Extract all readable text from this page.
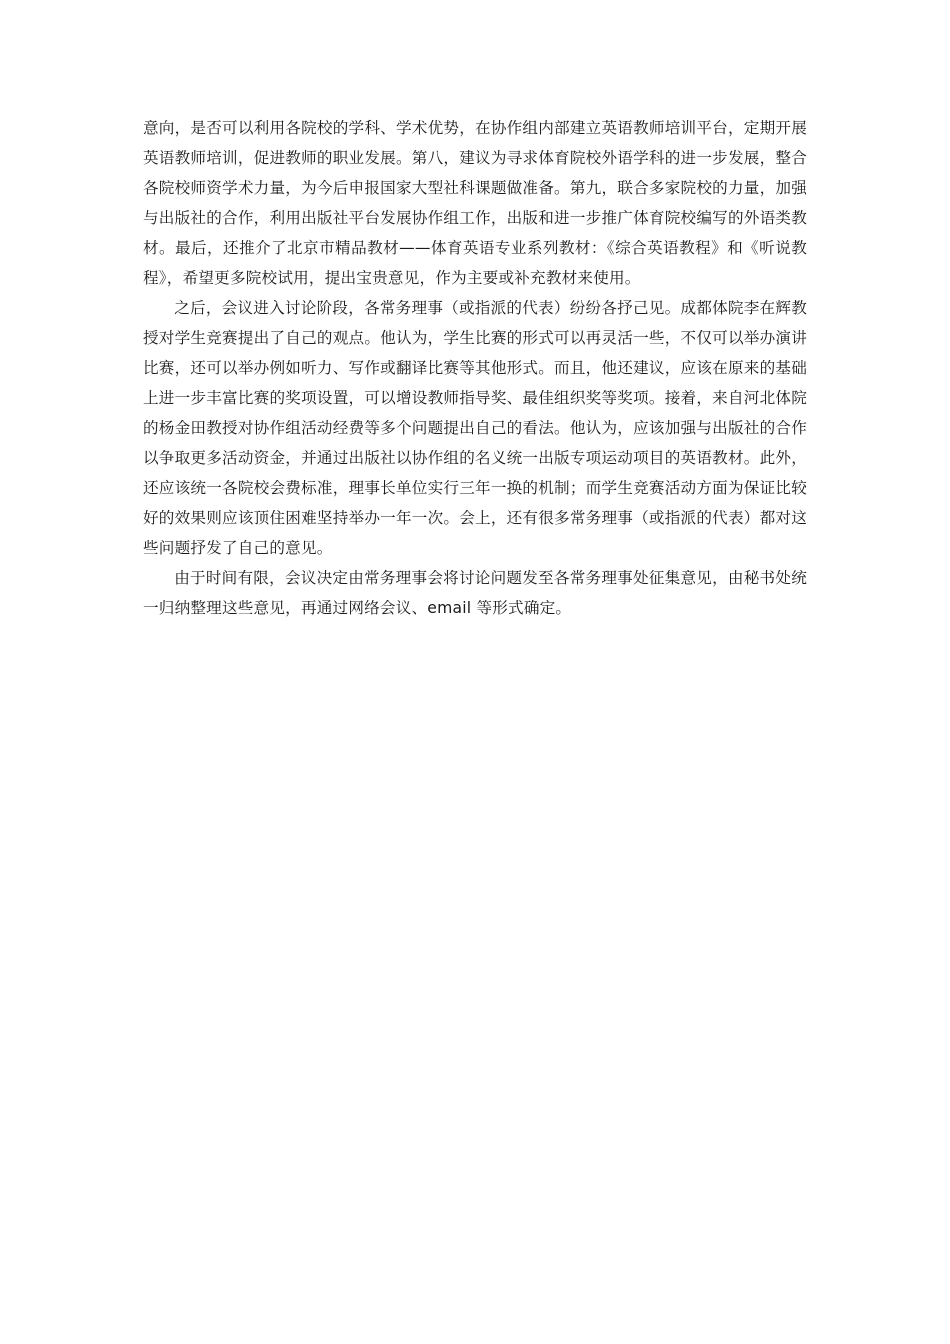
意向，是否可以利用各院校的学科、学术优势，在协作组内部建立英语教师培训平台，定期开展英语教师培训，促进教师的职业发展。第八，建议为寻求体育院校外语学科的进一步发展，整合各院校师资学术力量，为今后申报国家大型社科课题做准备。第九，联合多家院校的力量，加强与出版社的合作，利用出版社平台发展协作组工作，出版和进一步推广体育院校编写的外语类教材。最后，还推介了北京市精品教材——体育英语专业系列教材：《综合英语教程》和《听说教程》，希望更多院校试用，提出宝贵意见，作为主要或补充教材来使用。

之后，会议进入讨论阶段，各常务理事（或指派的代表）纷纷各抒己见。成都体院李在辉教授对学生竞赛提出了自己的观点。他认为，学生比赛的形式可以再灵活一些，不仅可以举办演讲比赛，还可以举办例如听力、写作或翻译比赛等其他形式。而且，他还建议，应该在原来的基础上进一步丰富比赛的奖项设置，可以增设教师指导奖、最佳组织奖等奖项。接着，来自河北体院的杨金田教授对协作组活动经费等多个问题提出自己的看法。他认为，应该加强与出版社的合作以争取更多活动资金，并通过出版社以协作组的名义统一出版专项运动项目的英语教材。此外，还应该统一各院校会费标准，理事长单位实行三年一换的机制；而学生竞赛活动方面为保证比较好的效果则应该顶住困难坚持举办一年一次。会上，还有很多常务理事（或指派的代表）都对这些问题抒发了自己的意见。

由于时间有限，会议决定由常务理事会将讨论问题发至各常务理事处征集意见，由秘书处统一归纳整理这些意见，再通过网络会议、email 等形式确定。
